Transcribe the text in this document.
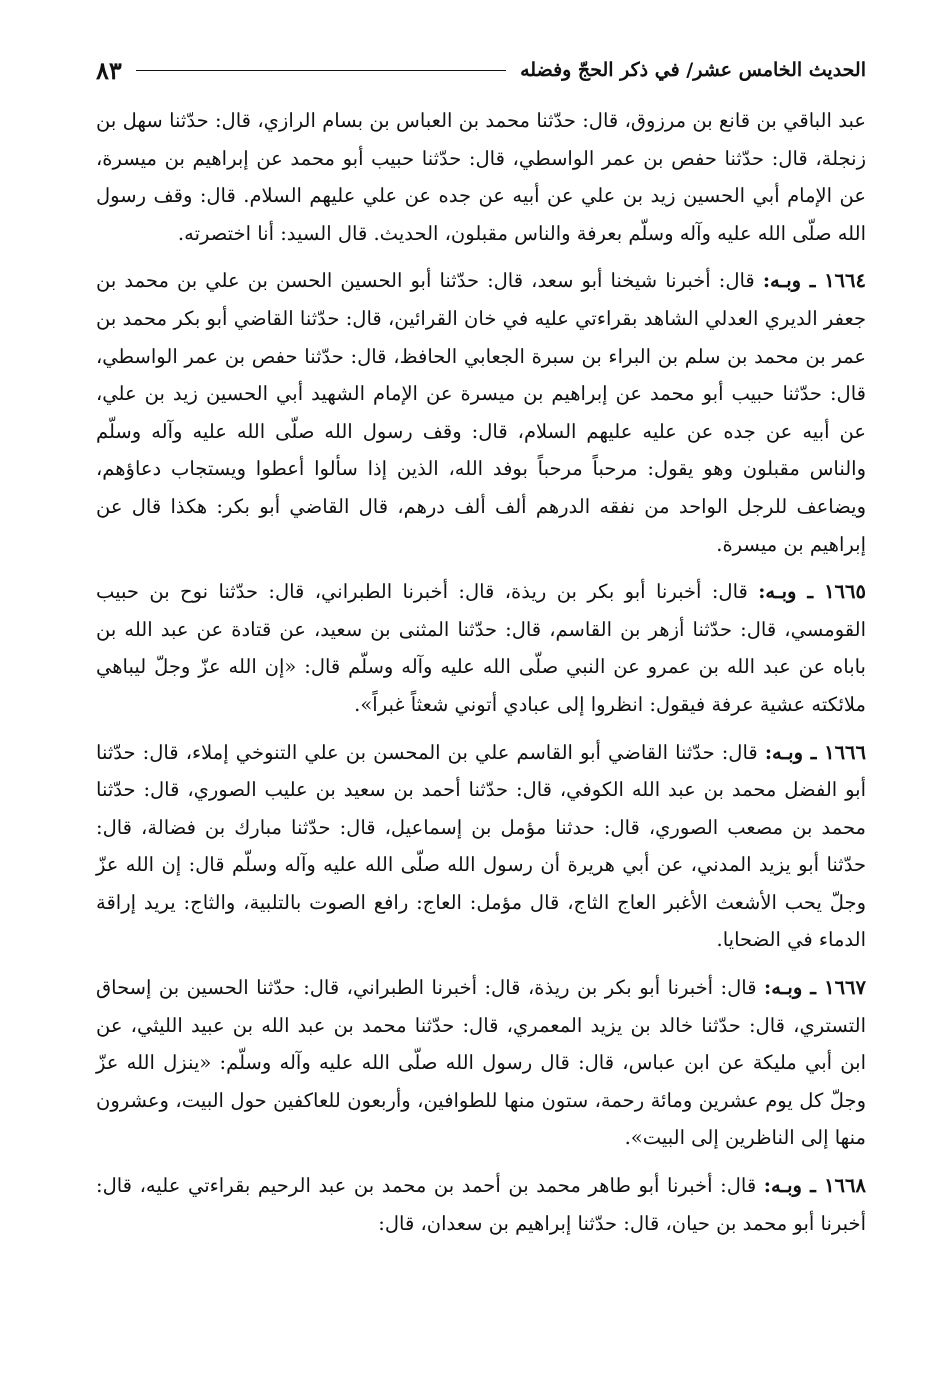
الحديث الخامس عشر/ في ذكر الحجّ وفضله
٨٣

عبد الباقي بن قانع بن مرزوق، قال: حدّثنا محمد بن العباس بن بسام الرازي، قال: حدّثنا سهل بن زنجلة، قال: حدّثنا حفص بن عمر الواسطي، قال: حدّثنا حبيب أبو محمد عن إبراهيم بن ميسرة، عن الإمام أبي الحسين زيد بن علي عن أبيه عن جده عن علي عليهم السلام. قال: وقف رسول الله صلّى الله عليه وآله وسلّم بعرفة والناس مقبلون، الحديث. قال السيد: أنا اختصرته.

١٦٦٤ ـ وبـه: قال: أخبرنا شيخنا أبو سعد، قال: حدّثنا أبو الحسين الحسن بن علي بن محمد بن جعفر الديري العدلي الشاهد بقراءتي عليه في خان القرائين، قال: حدّثنا القاضي أبو بكر محمد بن عمر بن محمد بن سلم بن البراء بن سبرة الجعابي الحافظ، قال: حدّثنا حفص بن عمر الواسطي، قال: حدّثنا حبيب أبو محمد عن إبراهيم بن ميسرة عن الإمام الشهيد أبي الحسين زيد بن علي، عن أبيه عن جده عن عليه عليهم السلام، قال: وقف رسول الله صلّى الله عليه وآله وسلّم والناس مقبلون وهو يقول: مرحباً مرحباً بوفد الله، الذين إذا سألوا أعطوا ويستجاب دعاؤهم، ويضاعف للرجل الواحد من نفقه الدرهم ألف ألف درهم، قال القاضي أبو بكر: هكذا قال عن إبراهيم بن ميسرة.

١٦٦٥ ـ وبـه: قال: أخبرنا أبو بكر بن ريذة، قال: أخبرنا الطبراني، قال: حدّثنا نوح بن حبيب القومسي، قال: حدّثنا أزهر بن القاسم، قال: حدّثنا المثنى بن سعيد، عن قتادة عن عبد الله بن باباه عن عبد الله بن عمرو عن النبي صلّى الله عليه وآله وسلّم قال: «إن الله عزّ وجلّ ليباهي ملائكته عشية عرفة فيقول: انظروا إلى عبادي أتوني شعثاً غبراً».

١٦٦٦ ـ وبـه: قال: حدّثنا القاضي أبو القاسم علي بن المحسن بن علي التنوخي إملاء، قال: حدّثنا أبو الفضل محمد بن عبد الله الكوفي، قال: حدّثنا أحمد بن سعيد بن عليب الصوري، قال: حدّثنا محمد بن مصعب الصوري، قال: حدثنا مؤمل بن إسماعيل، قال: حدّثنا مبارك بن فضالة، قال: حدّثنا أبو يزيد المدني، عن أبي هريرة أن رسول الله صلّى الله عليه وآله وسلّم قال: إن الله عزّ وجلّ يحب الأشعث الأغبر العاج الثاج، قال مؤمل: العاج: رافع الصوت بالتلبية، والثاج: يريد إراقة الدماء في الضحايا.

١٦٦٧ ـ وبـه: قال: أخبرنا أبو بكر بن ريذة، قال: أخبرنا الطبراني، قال: حدّثنا الحسين بن إسحاق التستري، قال: حدّثنا خالد بن يزيد المعمري، قال: حدّثنا محمد بن عبد الله بن عبيد الليثي، عن ابن أبي مليكة عن ابن عباس، قال: قال رسول الله صلّى الله عليه وآله وسلّم: «ينزل الله عزّ وجلّ كل يوم عشرين ومائة رحمة، ستون منها للطوافين، وأربعون للعاكفين حول البيت، وعشرون منها إلى الناظرين إلى البيت».

١٦٦٨ ـ وبـه: قال: أخبرنا أبو طاهر محمد بن أحمد بن محمد بن عبد الرحيم بقراءتي عليه، قال: أخبرنا أبو محمد بن حيان، قال: حدّثنا إبراهيم بن سعدان، قال:
